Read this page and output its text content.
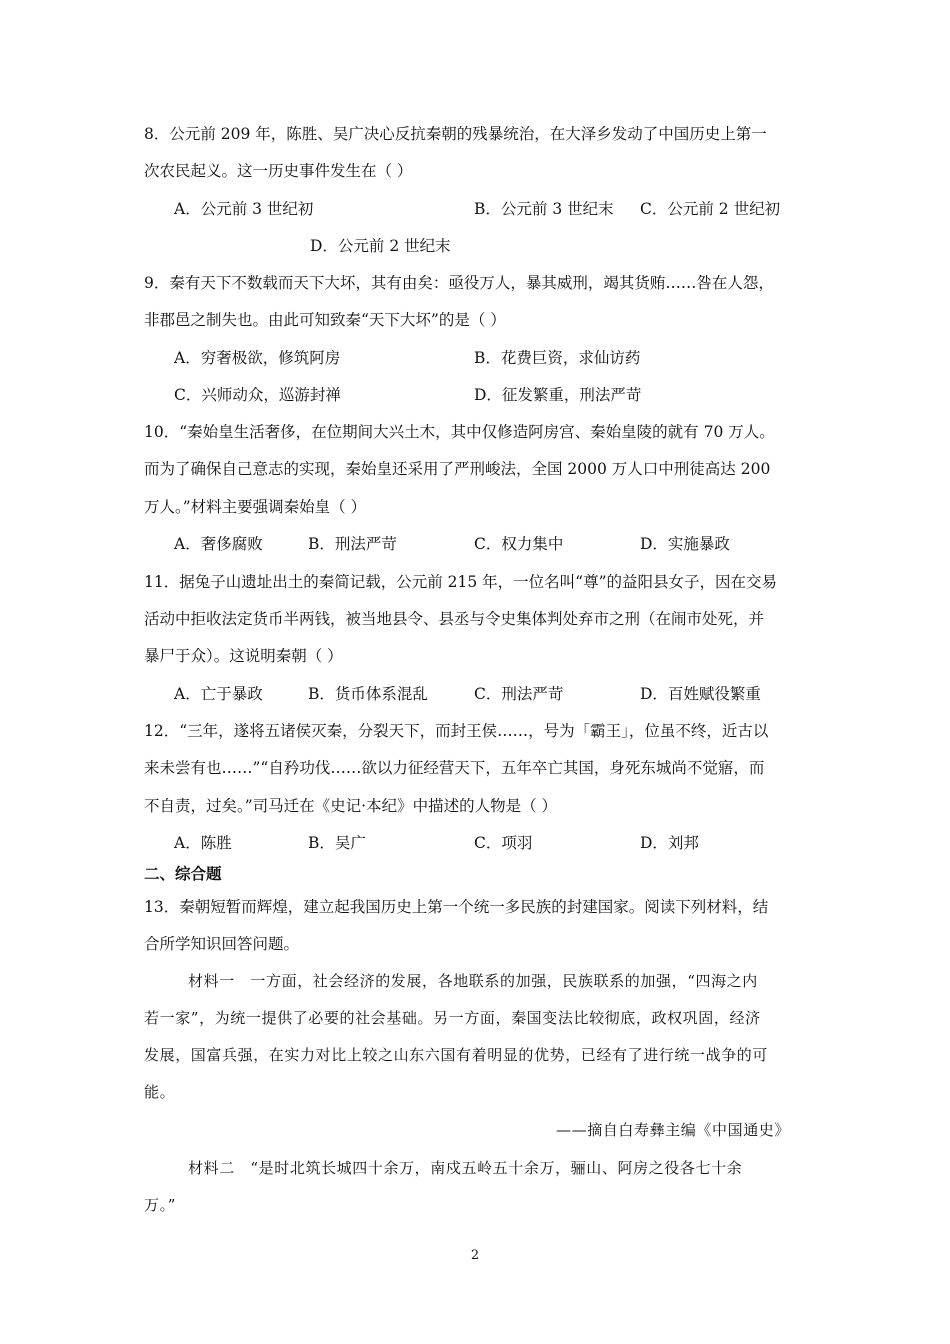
8．公元前 209 年，陈胜、吴广决心反抗秦朝的残暴统治，在大泽乡发动了中国历史上第一
次农民起义。这一历史事件发生在（ ）
A．公元前 3 世纪初	B．公元前 3 世纪末 C．公元前 2 世纪初
D．公元前 2 世纪末
9．秦有天下不数载而天下大坏，其有由矣：亟役万人，暴其威刑，竭其货贿……咎在人怨，
非郡邑之制失也。由此可知致秦“天下大坏”的是（ ）
A．穷奢极欲，修筑阿房	B．花费巨资，求仙访药
C．兴师动众，巡游封禅	D．征发繁重，刑法严苛
10．“秦始皇生活奢侈，在位期间大兴土木，其中仅修造阿房宫、秦始皇陵的就有 70 万人。
而为了确保自己意志的实现，秦始皇还采用了严刑峻法，全国 2000 万人口中刑徒高达 200
万人。”材料主要强调秦始皇（ ）
A．奢侈腐败	B．刑法严苛	C．权力集中	D．实施暴政
11．据兔子山遗址出土的秦简记载，公元前 215 年，一位名叫“尊”的益阳县女子，因在交易
活动中拒收法定货币半两钱，被当地县令、县丞与令史集体判处弃市之刑（在闹市处死，并
暴尸于众）。这说明秦朝（ ）
A．亡于暴政	B．货币体系混乱	C．刑法严苛	D．百姓赋役繁重
12．“三年，遂将五诸侯灭秦，分裂天下，而封王侯……，号为「霸王」，位虽不终，近古以
来未尝有也……”“自矜功伐……欲以力征经营天下，五年卒亡其国，身死东城尚不觉寤，而
不自责，过矣。”司马迁在《史记·本纪》中描述的人物是（ ）
A．陈胜	B．吴广	C．项羽	D．刘邦
二、综合题
13．秦朝短暂而辉煌，建立起我国历史上第一个统一多民族的封建国家。阅读下列材料，结
合所学知识回答问题。
材料一　一方面，社会经济的发展，各地联系的加强，民族联系的加强，“四海之内
若一家”，为统一提供了必要的社会基础。另一方面，秦国变法比较彻底，政权巩固，经济
发展，国富兵强，在实力对比上较之山东六国有着明显的优势，已经有了进行统一战争的可
能。
——摘自白寿彝主编《中国通史》
材料二　“是时北筑长城四十余万，南戍五岭五十余万，骊山、阿房之役各七十余
万。”
2
